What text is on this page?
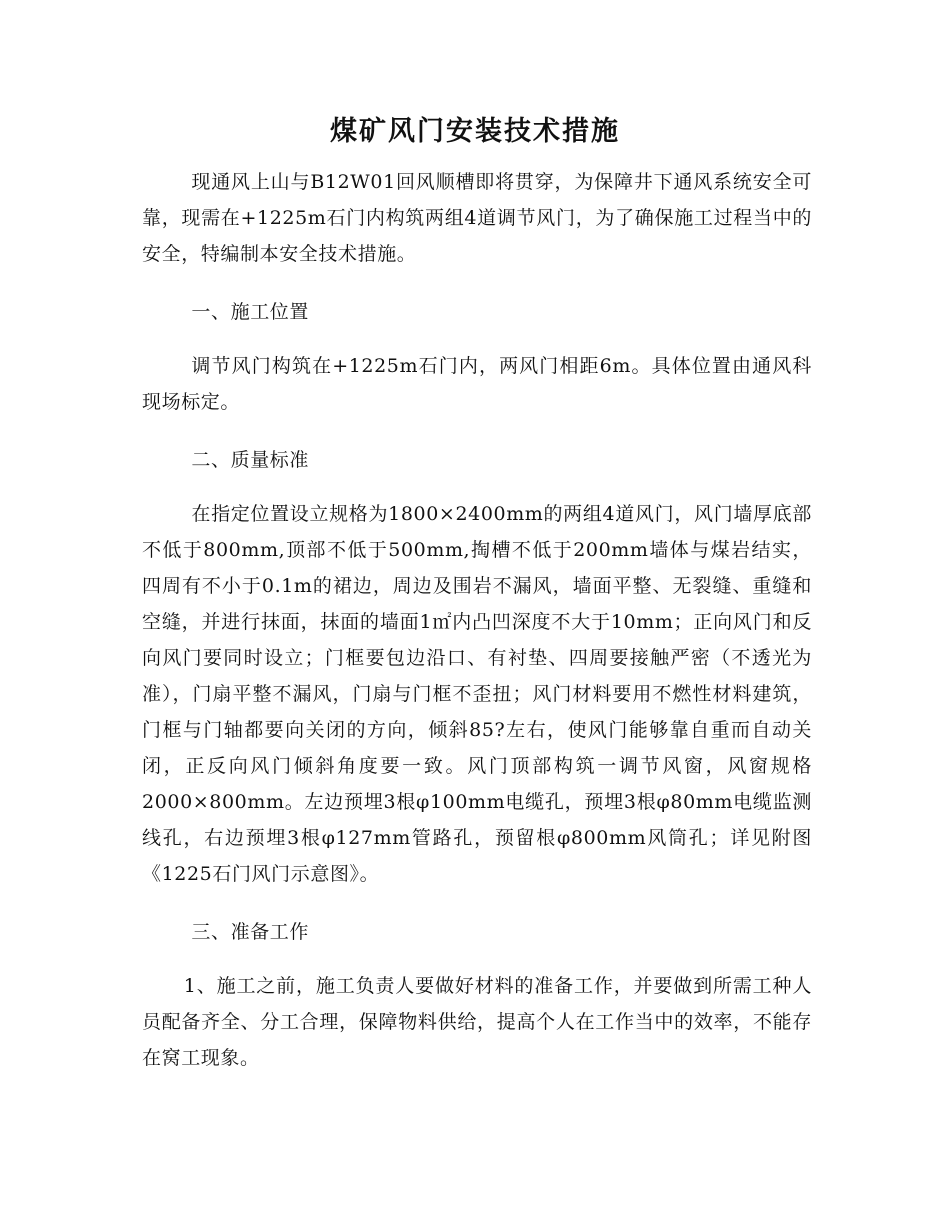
煤矿风门安装技术措施

现通风上山与B12W01回风顺槽即将贯穿，为保障井下通风系统安全可靠，现需在+1225m石门内构筑两组4道调节风门，为了确保施工过程当中的安全，特编制本安全技术措施。

一、施工位置

调节风门构筑在+1225m石门内，两风门相距6m。具体位置由通风科现场标定。

二、质量标准

在指定位置设立规格为1800×2400mm的两组4道风门，风门墙厚底部不低于800mm,顶部不低于500mm,掏槽不低于200mm墙体与煤岩结实，四周有不小于0.1m的裙边，周边及围岩不漏风，墙面平整、无裂缝、重缝和空缝，并进行抹面，抹面的墙面1㎡内凸凹深度不大于10mm；正向风门和反向风门要同时设立；门框要包边沿口、有衬垫、四周要接触严密（不透光为准），门扇平整不漏风，门扇与门框不歪扭；风门材料要用不燃性材料建筑，门框与门轴都要向关闭的方向，倾斜85?左右，使风门能够靠自重而自动关闭，正反向风门倾斜角度要一致。风门顶部构筑一调节风窗，风窗规格2000×800mm。左边预埋3根φ100mm电缆孔，预埋3根φ80mm电缆监测线孔，右边预埋3根φ127mm管路孔，预留根φ800mm风筒孔；详见附图《1225石门风门示意图》。

三、准备工作

1、施工之前，施工负责人要做好材料的准备工作，并要做到所需工种人员配备齐全、分工合理，保障物料供给，提高个人在工作当中的效率，不能存在窝工现象。
